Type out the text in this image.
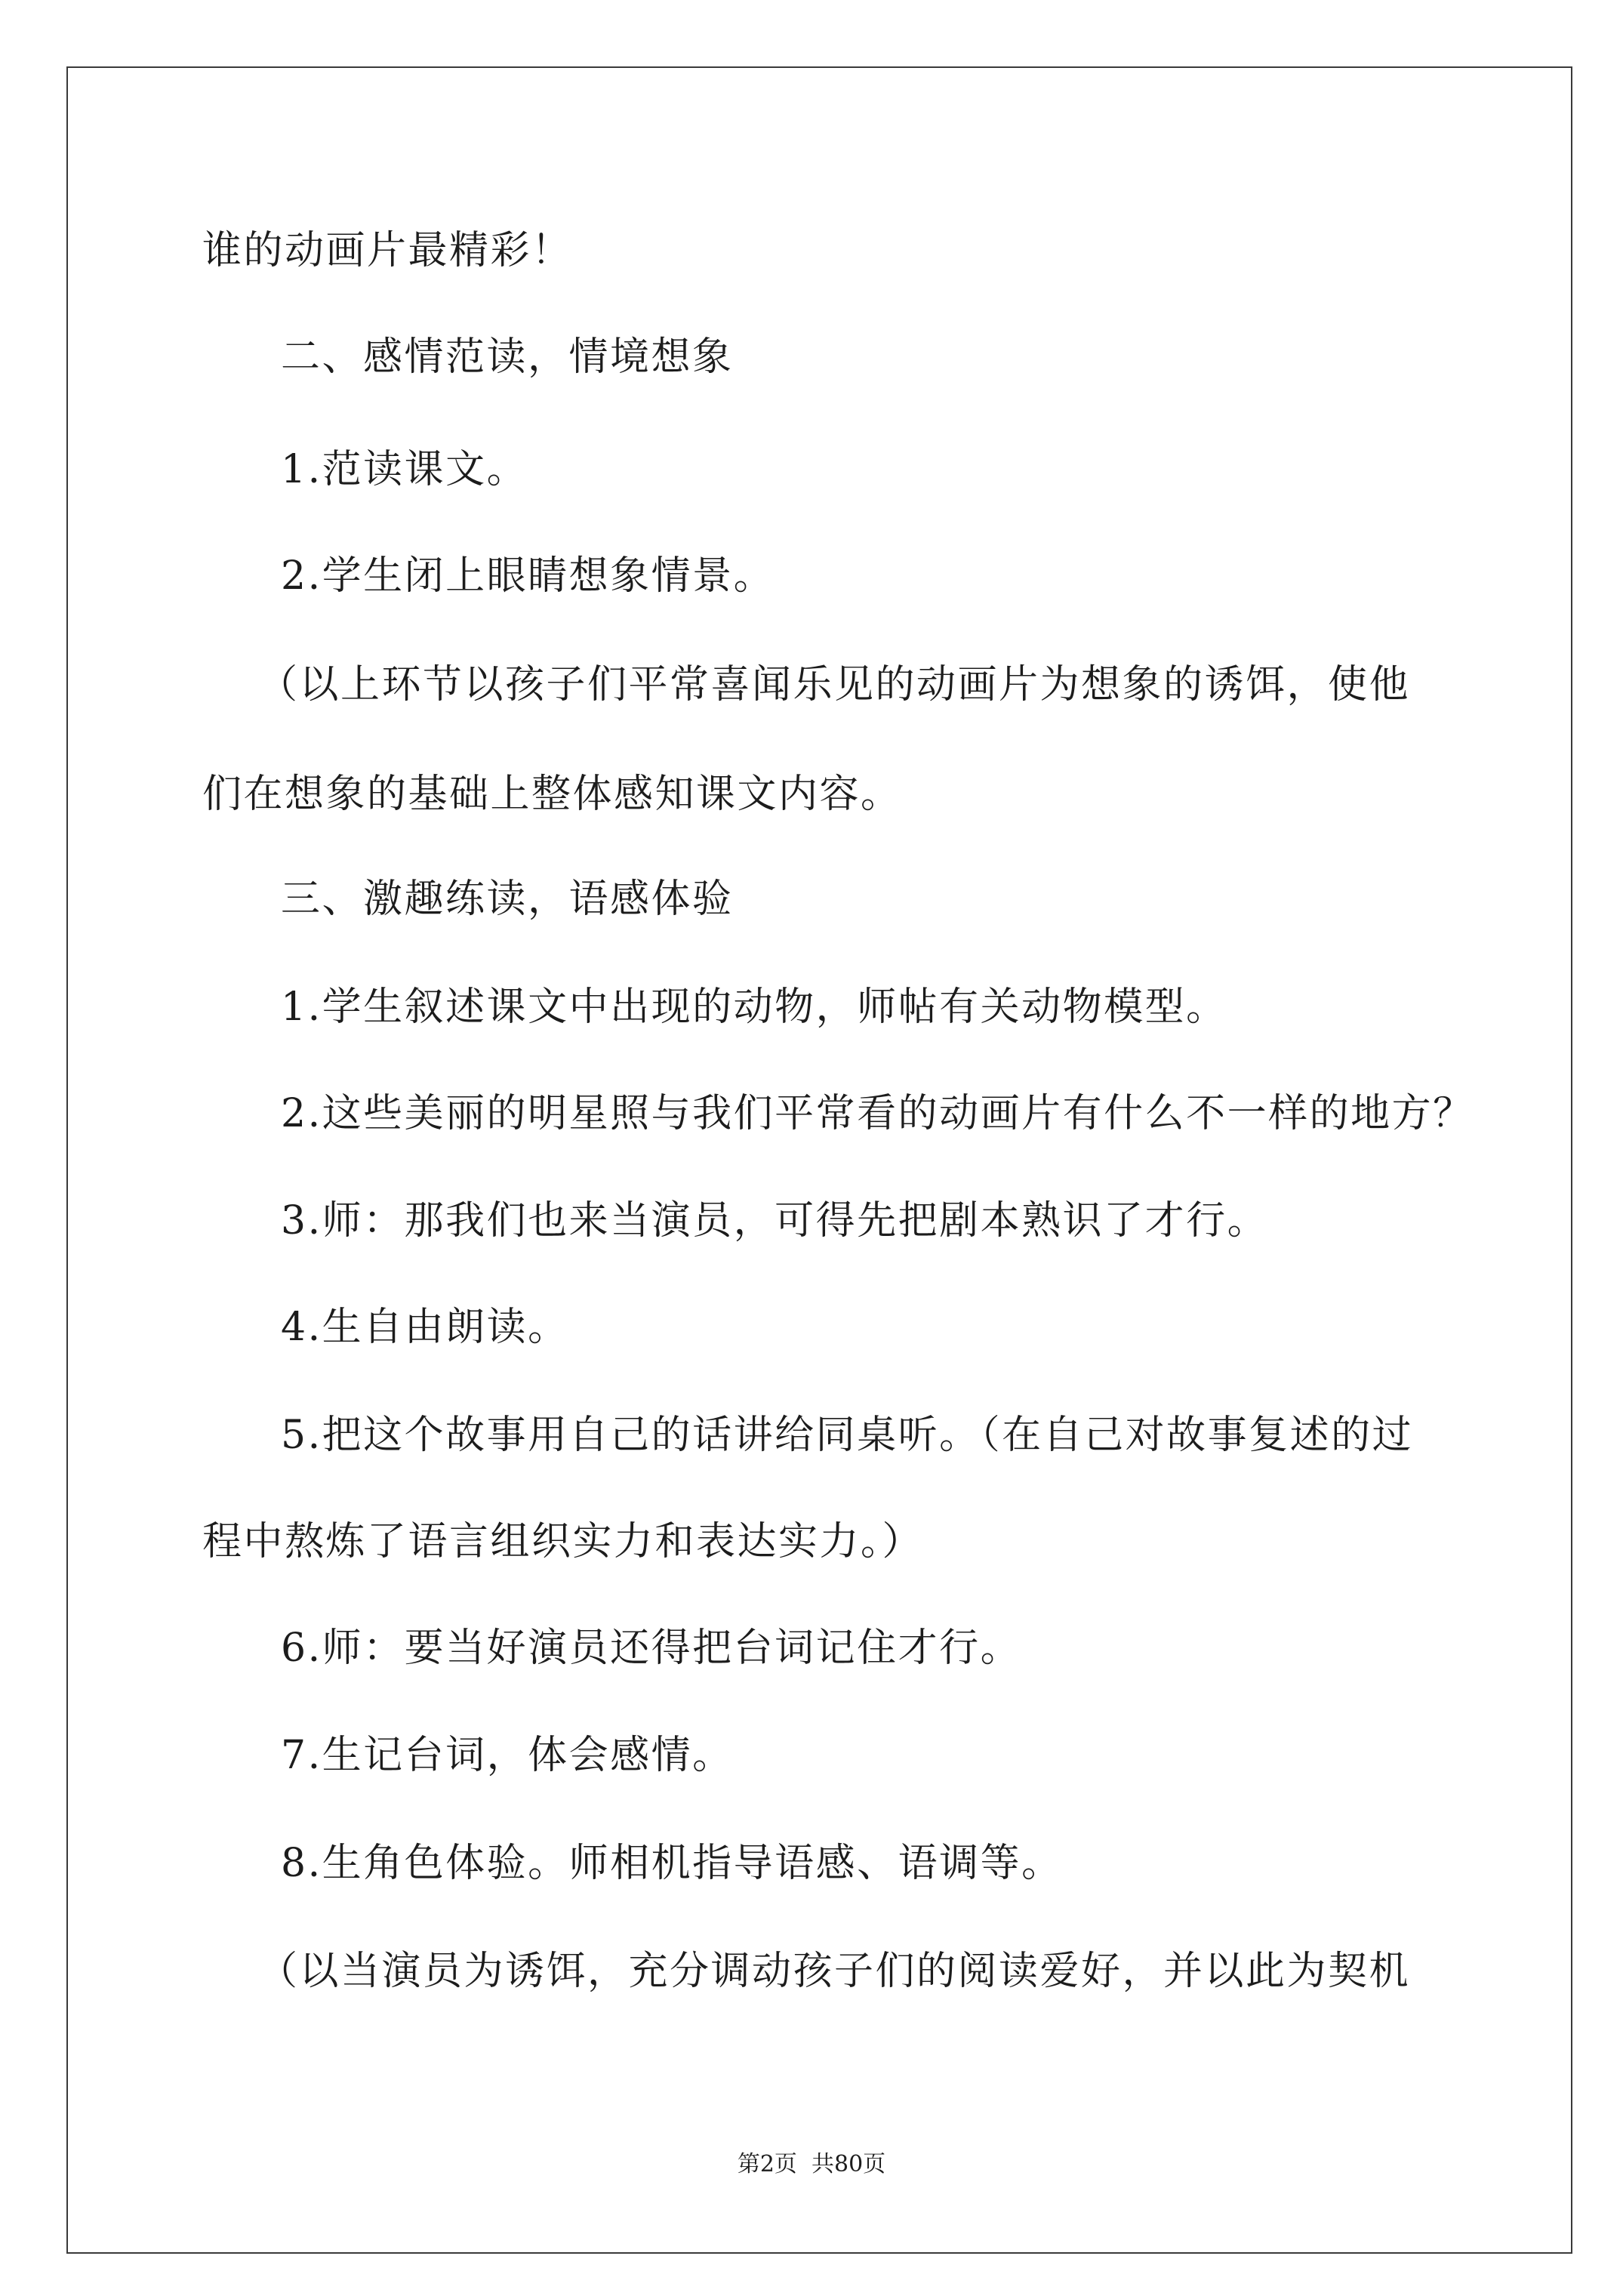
谁的动画片最精彩！
二、感情范读，情境想象
1.范读课文。
2.学生闭上眼睛想象情景。
（以上环节以孩子们平常喜闻乐见的动画片为想象的诱饵，使他
们在想象的基础上整体感知课文内容。
三、激趣练读，语感体验
1.学生叙述课文中出现的动物，师帖有关动物模型。
2.这些美丽的明星照与我们平常看的动画片有什么不一样的地方？
3.师：那我们也来当演员，可得先把剧本熟识了才行。
4.生自由朗读。
5.把这个故事用自己的话讲给同桌听。（在自己对故事复述的过
程中熬炼了语言组织实力和表达实力。）
6.师：要当好演员还得把台词记住才行。
7.生记台词，体会感情。
8.生角色体验。师相机指导语感、语调等。
（以当演员为诱饵，充分调动孩子们的阅读爱好，并以此为契机
第2页  共80页
